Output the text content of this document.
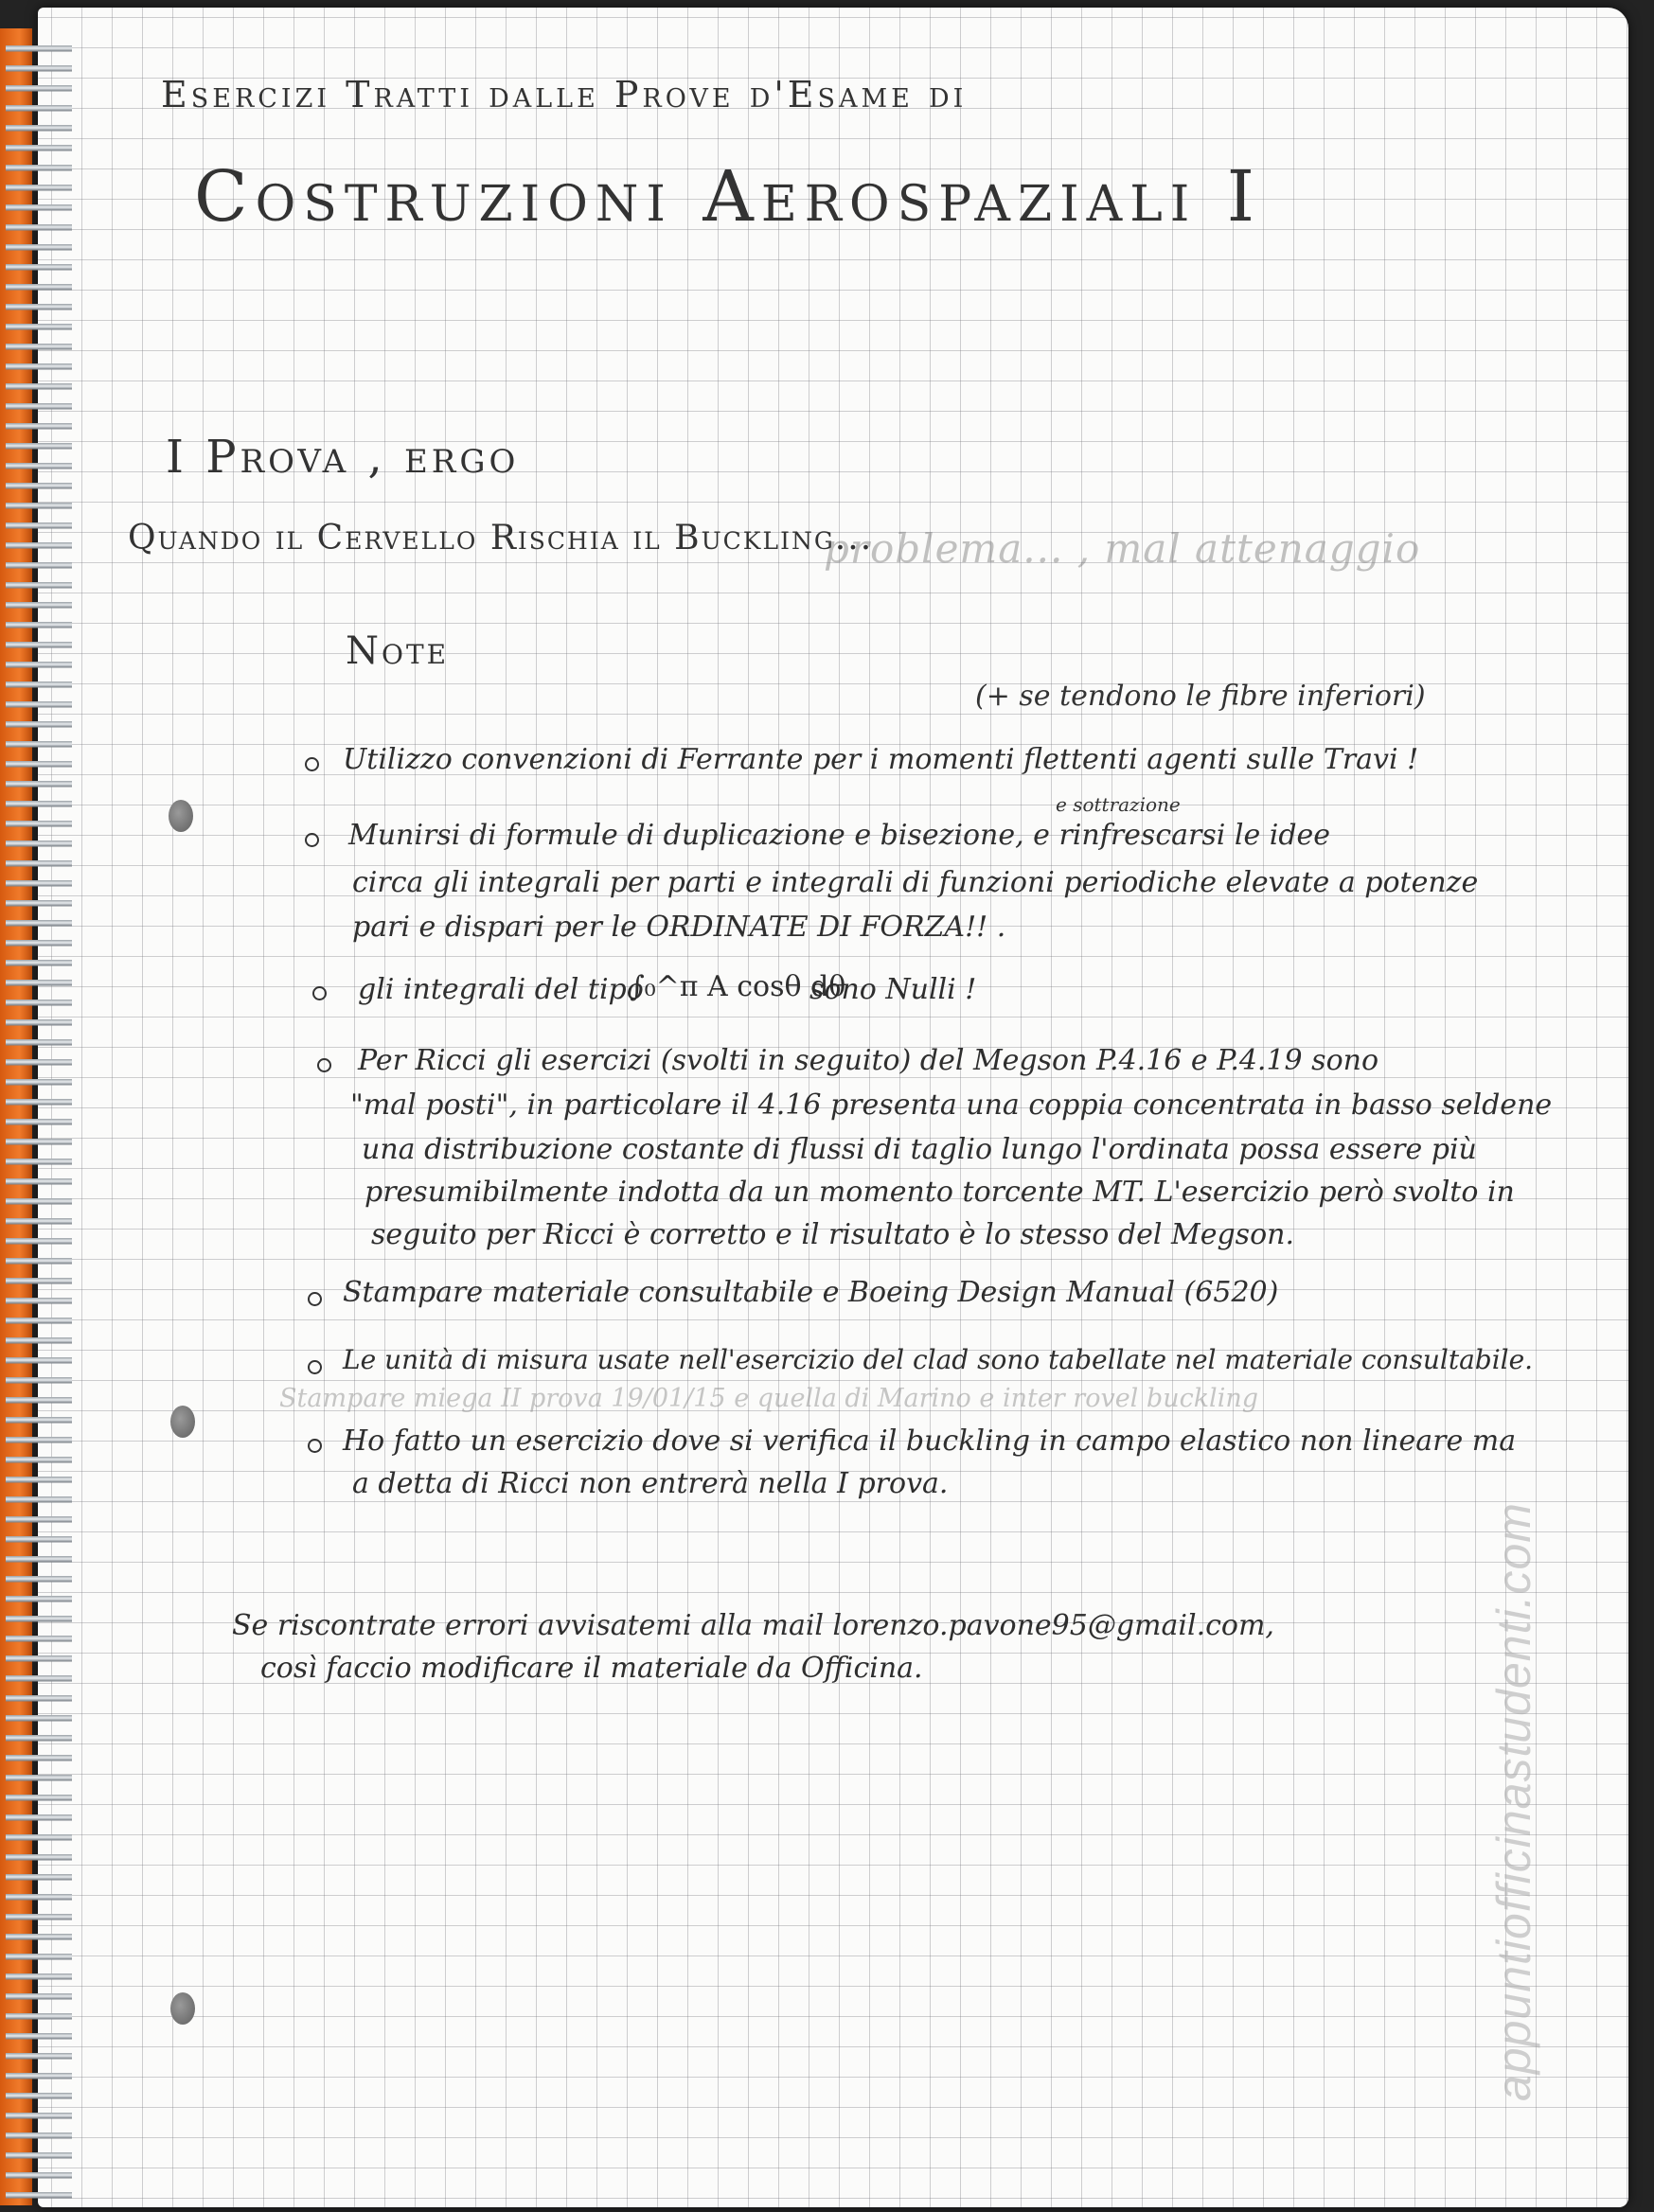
Esercizi Tratti dalle Prove d'Esame di
Costruzioni Aerospaziali I
I Prova , ergo
Quando il Cervello Rischia il Buckling...
problema... , mal attenaggio
Note
(+ se tendono le fibre inferiori)
Utilizzo convenzioni di Ferrante per i momenti flettenti agenti sulle Travi !
e sottrazione
Munirsi di formule di duplicazione e bisezione, e rinfrescarsi le idee
circa gli integrali per parti e integrali di funzioni periodiche elevate a potenze
pari e dispari per le ORDINATE DI FORZA!! .
gli integrali del tipo
∫₀^π A cosθ dθ
sono Nulli !
Per Ricci gli esercizi (svolti in seguito) del Megson P.4.16 e P.4.19 sono
"mal posti", in particolare il 4.16 presenta una coppia concentrata in basso seldene
una distribuzione costante di flussi di taglio lungo l'ordinata possa essere più
presumibilmente indotta da un momento torcente MT. L'esercizio però svolto in
seguito per Ricci è corretto e il risultato è lo stesso del Megson.
Stampare materiale consultabile e Boeing Design Manual (6520)
Le unità di misura usate nell'esercizio del clad sono tabellate nel materiale consultabile.
Stampare miega II prova 19/01/15 e quella di Marino e inter rovel buckling
Ho fatto un esercizio dove si verifica il buckling in campo elastico non lineare ma
a detta di Ricci non entrerà nella I prova.
Se riscontrate errori avvisatemi alla mail lorenzo.pavone95@gmail.com,
così faccio modificare il materiale da Officina.	appuntiofficinastudenti.com
